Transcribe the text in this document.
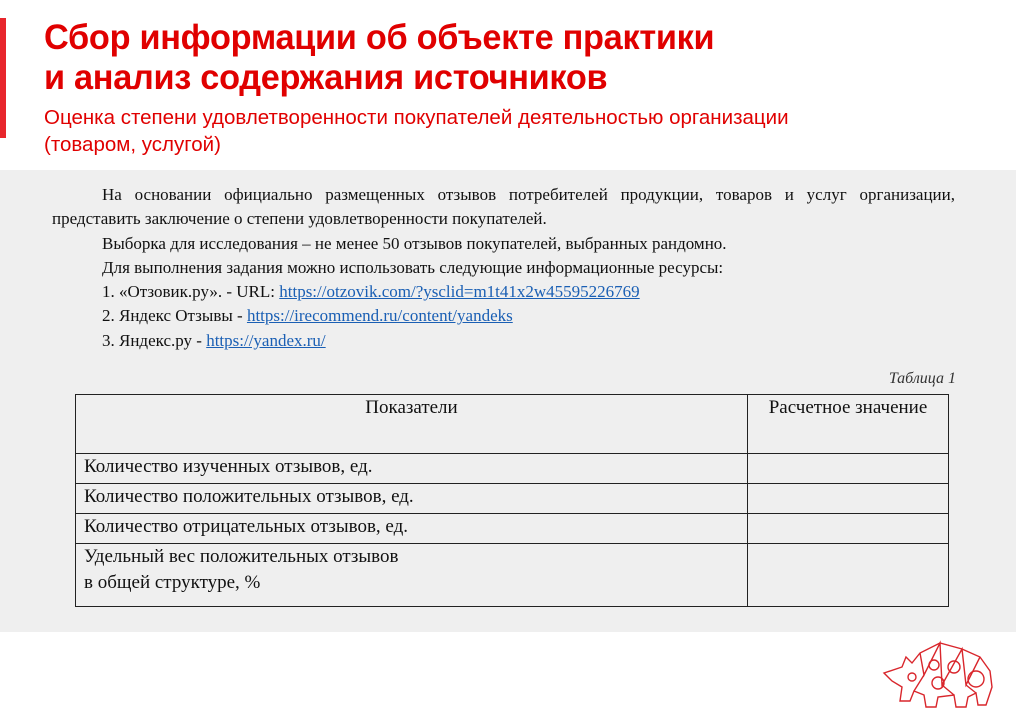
Сбор информации об объекте практики
и анализ содержания источников
Оценка степени удовлетворенности покупателей деятельностью организации
(товаром, услугой)

На основании официально размещенных отзывов потребителей продукции, товаров и услуг организации, представить заключение о степени удовлетворенности покупателей.

Выборка для исследования – не менее 50 отзывов покупателей, выбранных рандомно.

Для выполнения задания можно использовать следующие информационные ресурсы:

1. «Отзовик.ру». - URL: https://otzovik.com/?ysclid=m1t41x2w45595226769

2. Яндекс Отзывы - https://irecommend.ru/content/yandeks

3. Яндекс.ру - https://yandex.ru/

Таблица 1
Показатели	Расчетное значение
Количество изученных отзывов, ед.	
Количество положительных отзывов, ед.	
Количество отрицательных отзывов, ед.	

Удельный вес положительных отзывов
в общей структуре, %	
